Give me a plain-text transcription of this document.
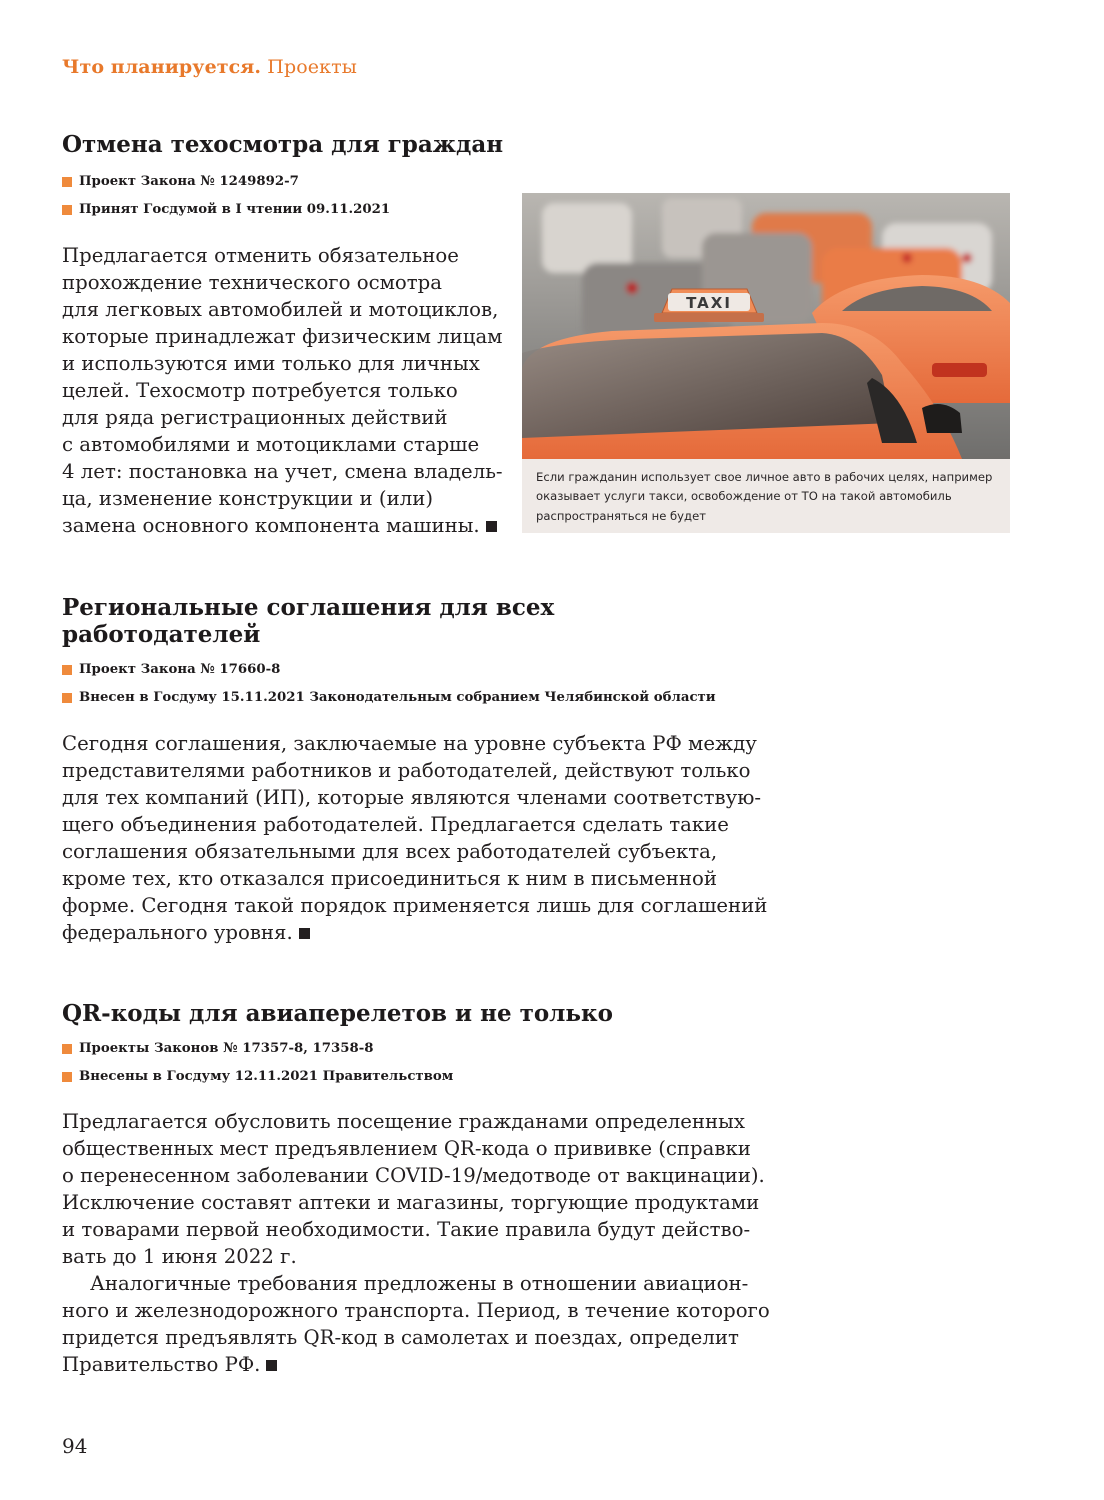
Что планируется. Проекты
Отмена техосмотра для граждан
Проект Закона № 1249892-7
Принят Госдумой в I чтении 09.11.2021

Предлагается отменить обязательное
прохождение технического осмотра
для легковых автомобилей и мотоциклов,
которые принадлежат физическим лицам
и используются ими только для личных
целей. Техосмотр потребуется только
для ряда регистрационных действий
с автомобилями и мотоциклами старше
4 лет: постановка на учет, смена владель-
ца, изменение конструкции и (или)
замена основного компонента машины.

TAXI
Если гражданин использует свое личное авто в рабочих целях, например
оказывает услуги такси, освобождение от ТО на такой автомобиль
распространяться не будет
Региональные соглашения для всех
работодателей
Проект Закона № 17660-8
Внесен в Госдуму 15.11.2021 Законодательным собранием Челябинской области

Сегодня соглашения, заключаемые на уровне субъекта РФ между
представителями работников и работодателей, действуют только
для тех компаний (ИП), которые являются членами соответствую-
щего объединения работодателей. Предлагается сделать такие
соглашения обязательными для всех работодателей субъекта,
кроме тех, кто отказался присоединиться к ним в письменной
форме. Сегодня такой порядок применяется лишь для соглашений
федерального уровня.

QR-коды для авиаперелетов и не только
Проекты Законов № 17357-8, 17358-8
Внесены в Госдуму 12.11.2021 Правительством

Предлагается обусловить посещение гражданами определенных
общественных мест предъявлением QR-кода о прививке (справки
о перенесенном заболевании COVID-19/медотводе от вакцинации).
Исключение составят аптеки и магазины, торгующие продуктами
и товарами первой необходимости. Такие правила будут действо-
вать до 1 июня 2022 г.
Аналогичные требования предложены в отношении авиацион-
ного и железнодорожного транспорта. Период, в течение которого
придется предъявлять QR-код в самолетах и поездах, определит
Правительство РФ.

94
